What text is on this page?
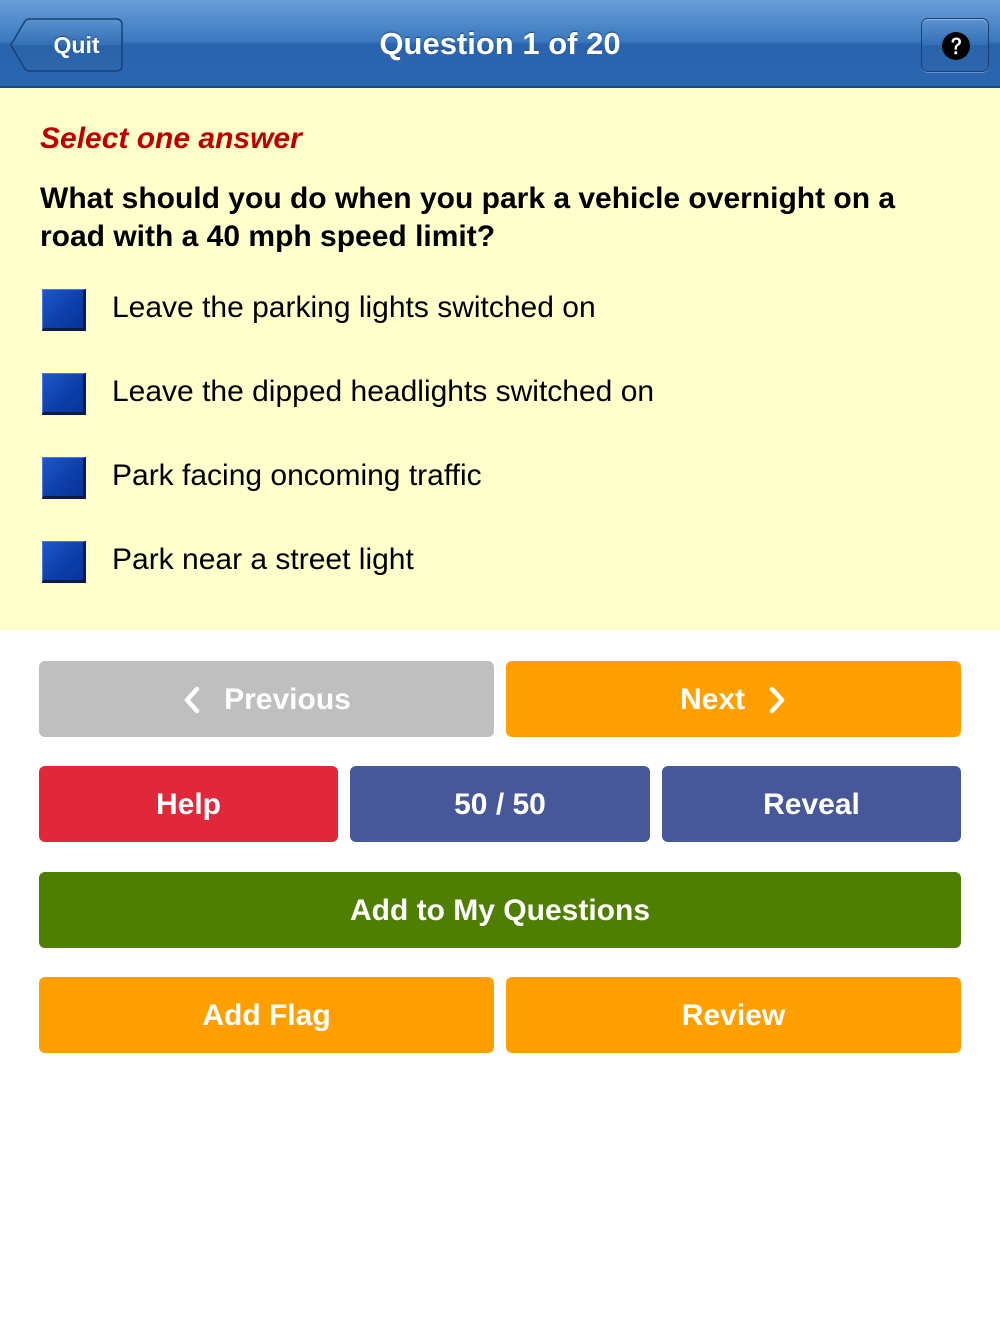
Quit	Question 1 of 20
Select one answer
What should you do when you park a vehicle overnight on a road with a 40 mph speed limit?
Leave the parking lights switched on
Leave the dipped headlights switched on
Park facing oncoming traffic
Park near a street light
Previous	Next
Help	50 / 50	Reveal
Add to My Questions
Add Flag	Review
